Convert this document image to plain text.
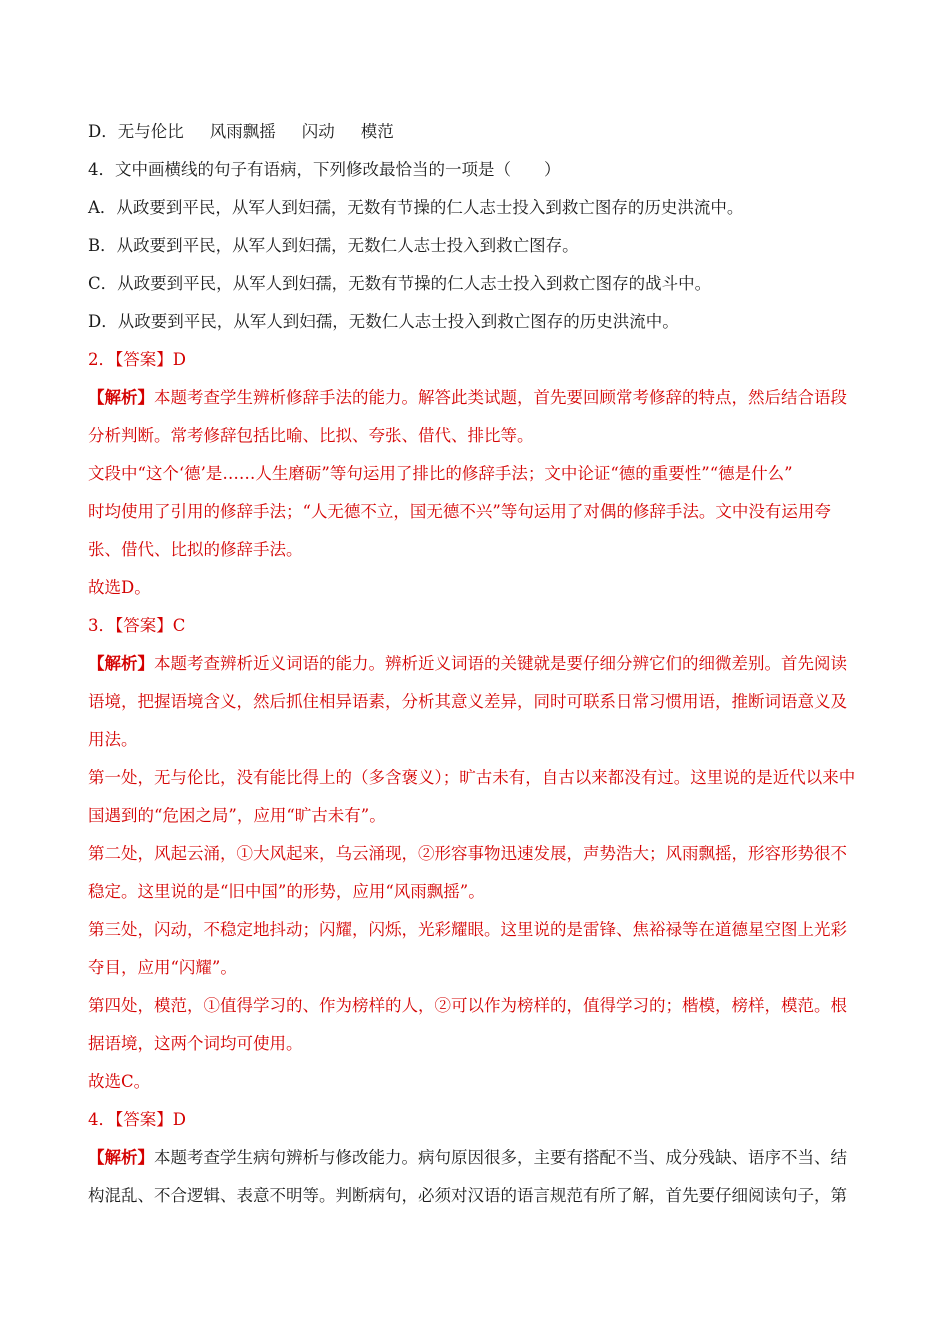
D．无与伦比 风雨飘摇 闪动 模范
4．文中画横线的句子有语病，下列修改最恰当的一项是（　　）
A．从政要到平民，从军人到妇孺，无数有节操的仁人志士投入到救亡图存的历史洪流中。
B．从政要到平民，从军人到妇孺，无数仁人志士投入到救亡图存。
C．从政要到平民，从军人到妇孺，无数有节操的仁人志士投入到救亡图存的战斗中。
D．从政要到平民，从军人到妇孺，无数仁人志士投入到救亡图存的历史洪流中。
2．【答案】D
【解析】本题考查学生辨析修辞手法的能力。解答此类试题，首先要回顾常考修辞的特点，然后结合语段
分析判断。常考修辞包括比喻、比拟、夸张、借代、排比等。
文段中“这个‘德’是……人生磨砺”等句运用了排比的修辞手法；文中论证“德的重要性”“德是什么”
时均使用了引用的修辞手法；“人无德不立，国无德不兴”等句运用了对偶的修辞手法。文中没有运用夸
张、借代、比拟的修辞手法。
故选D。
3．【答案】C
【解析】本题考查辨析近义词语的能力。辨析近义词语的关键就是要仔细分辨它们的细微差别。首先阅读
语境，把握语境含义，然后抓住相异语素，分析其意义差异，同时可联系日常习惯用语，推断词语意义及
用法。
第一处，无与伦比，没有能比得上的（多含褒义）；旷古未有，自古以来都没有过。这里说的是近代以来中
国遇到的“危困之局”，应用“旷古未有”。
第二处，风起云涌，①大风起来，乌云涌现，②形容事物迅速发展，声势浩大；风雨飘摇，形容形势很不
稳定。这里说的是“旧中国”的形势，应用“风雨飘摇”。
第三处，闪动，不稳定地抖动；闪耀，闪烁，光彩耀眼。这里说的是雷锋、焦裕禄等在道德星空图上光彩
夺目，应用“闪耀”。
第四处，模范，①值得学习的、作为榜样的人，②可以作为榜样的，值得学习的；楷模，榜样，模范。根
据语境，这两个词均可使用。
故选C。
4．【答案】D
【解析】本题考查学生病句辨析与修改能力。病句原因很多，主要有搭配不当、成分残缺、语序不当、结
构混乱、不合逻辑、表意不明等。判断病句，必须对汉语的语言规范有所了解，首先要仔细阅读句子，第
